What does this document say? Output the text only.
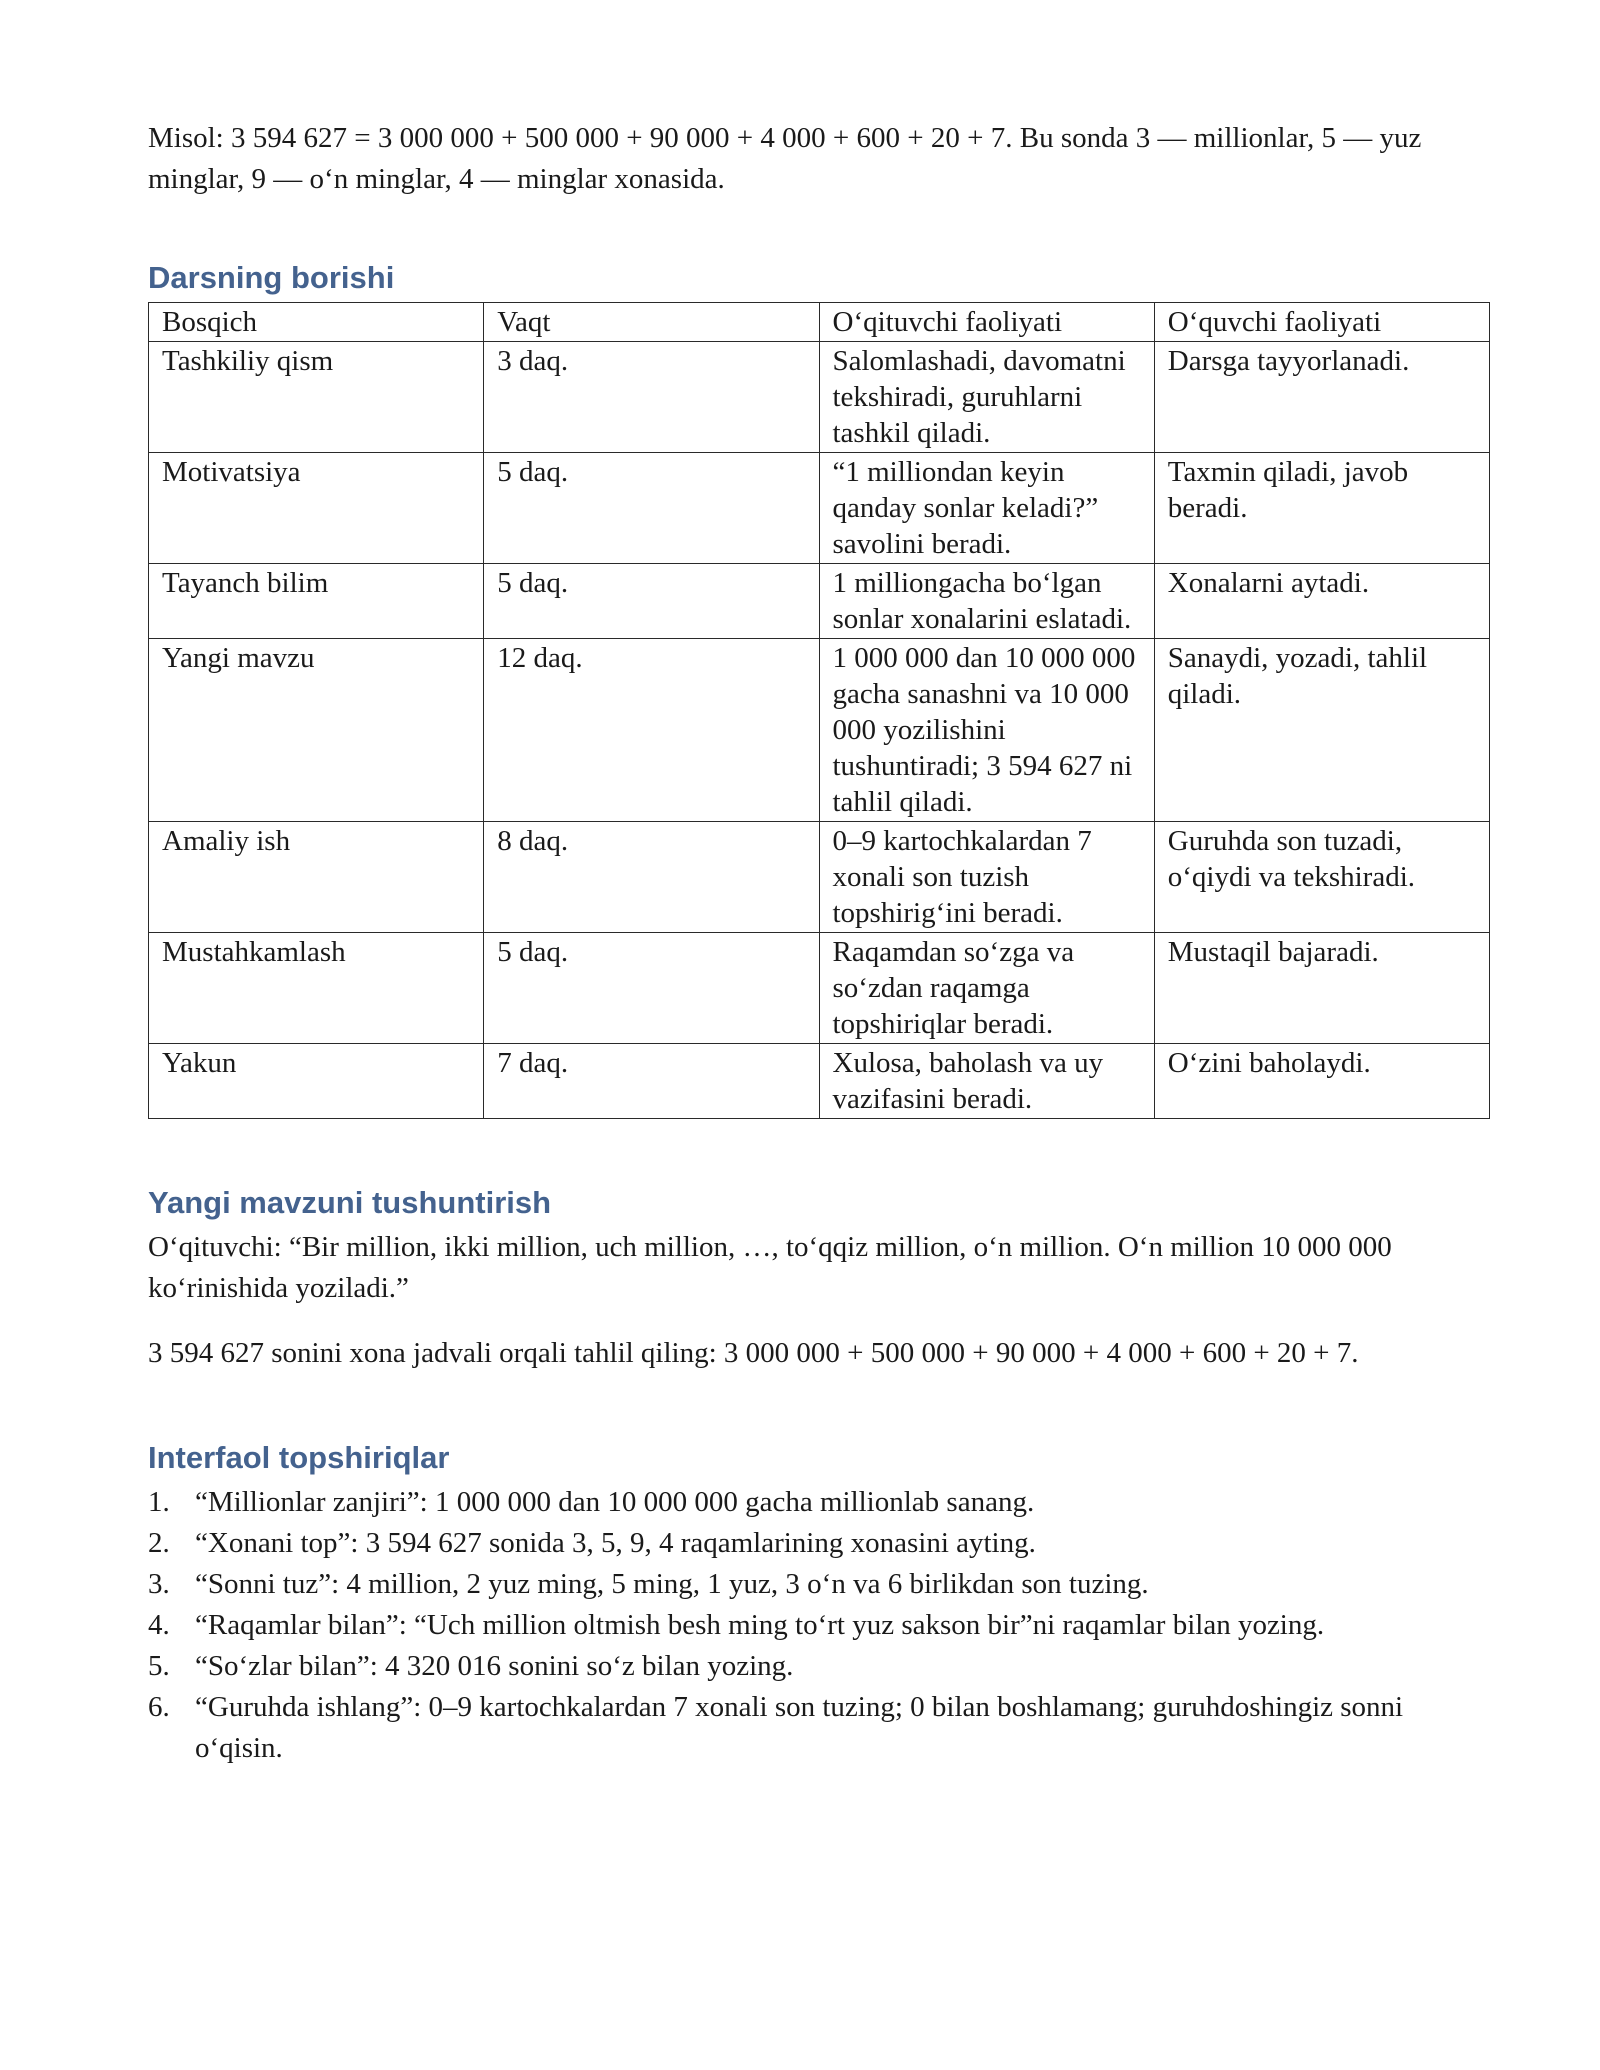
Misol: 3 594 627 = 3 000 000 + 500 000 + 90 000 + 4 000 + 600 + 20 + 7. Bu sonda 3 — millionlar, 5 — yuz minglar, 9 — oʻn minglar, 4 — minglar xonasida.

Darsning borishi
Bosqich	Vaqt	Oʻqituvchi faoliyati	Oʻquvchi faoliyati
Tashkiliy qism	3 daq.	Salomlashadi, davomatni tekshiradi, guruhlarni tashkil qiladi.	Darsga tayyorlanadi.
Motivatsiya	5 daq.	“1 milliondan keyin qanday sonlar keladi?” savolini beradi.	Taxmin qiladi, javob beradi.
Tayanch bilim	5 daq.	1 milliongacha boʻlgan sonlar xonalarini eslatadi.	Xonalarni aytadi.
Yangi mavzu	12 daq.	1 000 000 dan 10 000 000 gacha sanashni va 10 000 000 yozilishini tushuntiradi; 3 594 627 ni tahlil qiladi.	Sanaydi, yozadi, tahlil qiladi.
Amaliy ish	8 daq.	0–9 kartochkalardan 7 xonali son tuzish topshirigʻini beradi.	Guruhda son tuzadi, oʻqiydi va tekshiradi.
Mustahkamlash	5 daq.	Raqamdan soʻzga va soʻzdan raqamga topshiriqlar beradi.	Mustaqil bajaradi.
Yakun	7 daq.	Xulosa, baholash va uy vazifasini beradi.	Oʻzini baholaydi.
Yangi mavzuni tushuntirish

Oʻqituvchi: “Bir million, ikki million, uch million, …, toʻqqiz million, oʻn million. Oʻn million 10 000 000 koʻrinishida yoziladi.”

3 594 627 sonini xona jadvali orqali tahlil qiling: 3 000 000 + 500 000 + 90 000 + 4 000 + 600 + 20 + 7.

Interfaol topshiriqlar
1. “Millionlar zanjiri”: 1 000 000 dan 10 000 000 gacha millionlab sanang.
2. “Xonani top”: 3 594 627 sonida 3, 5, 9, 4 raqamlarining xonasini ayting.
3. “Sonni tuz”: 4 million, 2 yuz ming, 5 ming, 1 yuz, 3 oʻn va 6 birlikdan son tuzing.
4. “Raqamlar bilan”: “Uch million oltmish besh ming toʻrt yuz sakson bir”ni raqamlar bilan yozing.
5. “Soʻzlar bilan”: 4 320 016 sonini soʻz bilan yozing.
6. “Guruhda ishlang”: 0–9 kartochkalardan 7 xonali son tuzing; 0 bilan boshlamang; guruhdoshingiz sonni oʻqisin.
